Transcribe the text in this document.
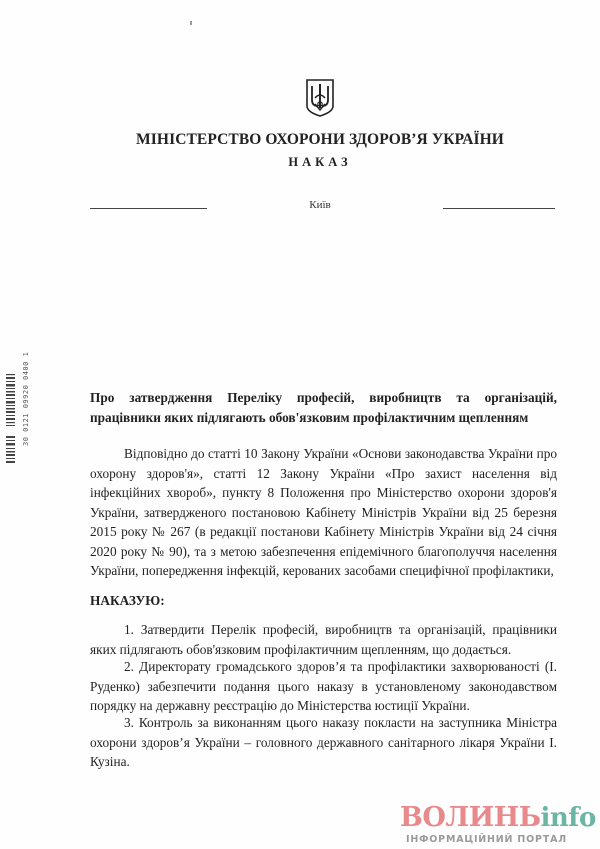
МІНІСТЕРСТВО ОХОРОНИ ЗДОРОВ’Я УКРАЇНИ
НАКАЗ
Київ
30 0121 09920 0400 1	Про затвердження Переліку професій, виробництв та організацій,
працівники яких підлягають обов'язковим профілактичним щепленням
Відповідно до статті 10 Закону України «Основи законодавства України про охорону здоров'я», статті 12 Закону України «Про захист населення від інфекційних хвороб», пункту 8 Положення про Міністерство охорони здоров'я України, затвердженого постановою Кабінету Міністрів України від 25 березня 2015 року № 267 (в редакції постанови Кабінету Міністрів України від 24 січня 2020 року № 90), та з метою забезпечення епідемічного благополуччя населення України, попередження інфекцій, керованих засобами специфічної профілактики,
НАКАЗУЮ:
1. Затвердити Перелік професій, виробництв та організацій, працівники яких підлягають обов'язковим профілактичним щепленням, що додається.
2. Директорату громадського здоров’я та профілактики захворюваності (І. Руденко) забезпечити подання цього наказу в установленому законодавством порядку на державну реєстрацію до Міністерства юстиції України.
3. Контроль за виконанням цього наказу покласти на заступника Міністра охорони здоров’я України – головного державного санітарного лікаря України І. Кузіна.
ВОЛИНЬinfo
ІНФОРМАЦІЙНИЙ ПОРТАЛ
